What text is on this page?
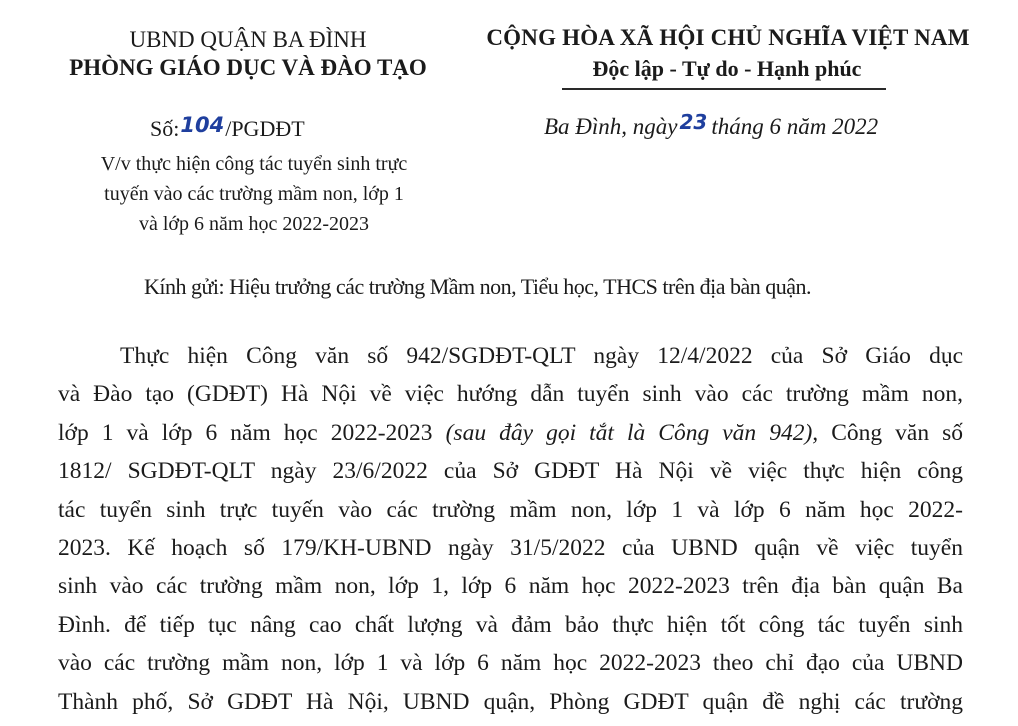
UBND QUẬN BA ĐÌNH
PHÒNG GIÁO DỤC VÀ ĐÀO TẠO
Số:104/PGDĐT
V/v thực hiện công tác tuyển sinh trực
tuyến vào các trường mầm non, lớp 1
và lớp 6 năm học 2022-2023
CỘNG HÒA XÃ HỘI CHỦ NGHĨA VIỆT NAM
Độc lập - Tự do - Hạnh phúc
Ba Đình, ngày 23 tháng 6 năm 2022
Kính gửi: Hiệu trưởng các trường Mầm non, Tiểu học, THCS trên địa bàn quận.
Thực hiện Công văn số 942/SGDĐT-QLT ngày 12/4/2022 của Sở Giáo dục
và Đào tạo (GDĐT) Hà Nội về việc hướng dẫn tuyển sinh vào các trường mầm non,
lớp 1 và lớp 6 năm học 2022-2023 (sau đây gọi tắt là Công văn 942), Công văn số
1812/ SGDĐT-QLT ngày 23/6/2022 của Sở GDĐT Hà Nội về việc thực hiện công
tác tuyển sinh trực tuyến vào các trường mầm non, lớp 1 và lớp 6 năm học 2022-
2023. Kế hoạch số 179/KH-UBND ngày 31/5/2022 của UBND quận về việc tuyển
sinh vào các trường mầm non, lớp 1, lớp 6 năm học 2022-2023 trên địa bàn quận Ba
Đình. để tiếp tục nâng cao chất lượng và đảm bảo thực hiện tốt công tác tuyển sinh
vào các trường mầm non, lớp 1 và lớp 6 năm học 2022-2023 theo chỉ đạo của UBND
Thành phố, Sở GDĐT Hà Nội, UBND quận, Phòng GDĐT quận đề nghị các trường
